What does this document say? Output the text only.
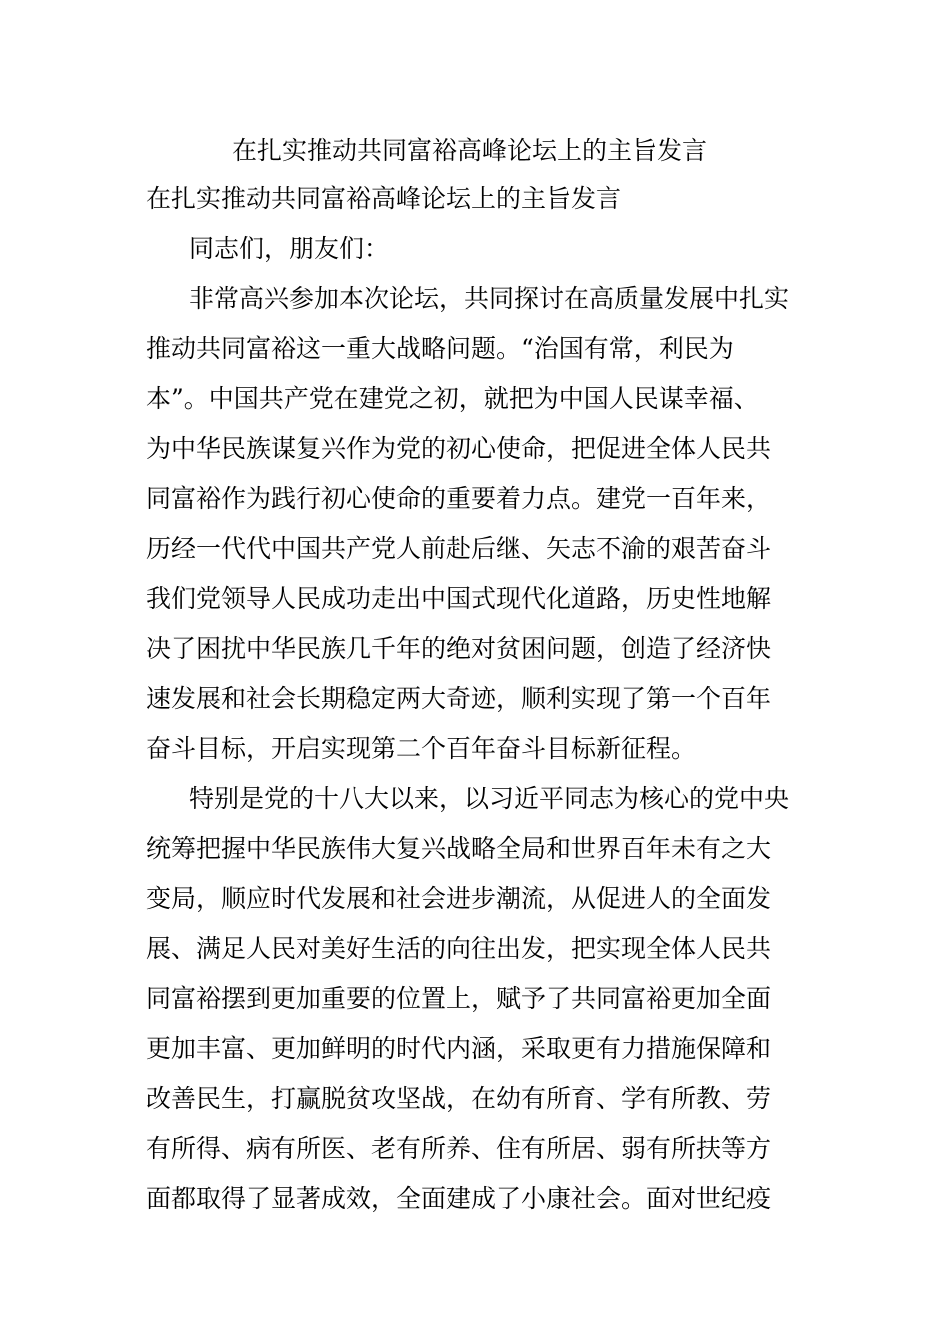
在扎实推动共同富裕高峰论坛上的主旨发言
在扎实推动共同富裕高峰论坛上的主旨发言
同志们，朋友们：
非常高兴参加本次论坛，共同探讨在高质量发展中扎实
推动共同富裕这一重大战略问题。“治国有常，利民为
本”。中国共产党在建党之初，就把为中国人民谋幸福、
为中华民族谋复兴作为党的初心使命，把促进全体人民共
同富裕作为践行初心使命的重要着力点。建党一百年来，
历经一代代中国共产党人前赴后继、矢志不渝的艰苦奋斗
我们党领导人民成功走出中国式现代化道路，历史性地解
决了困扰中华民族几千年的绝对贫困问题，创造了经济快
速发展和社会长期稳定两大奇迹，顺利实现了第一个百年
奋斗目标，开启实现第二个百年奋斗目标新征程。
特别是党的十八大以来，以习近平同志为核心的党中央
统筹把握中华民族伟大复兴战略全局和世界百年未有之大
变局，顺应时代发展和社会进步潮流，从促进人的全面发
展、满足人民对美好生活的向往出发，把实现全体人民共
同富裕摆到更加重要的位置上，赋予了共同富裕更加全面
更加丰富、更加鲜明的时代内涵，采取更有力措施保障和
改善民生，打赢脱贫攻坚战，在幼有所育、学有所教、劳
有所得、病有所医、老有所养、住有所居、弱有所扶等方
面都取得了显著成效，全面建成了小康社会。面对世纪疫
